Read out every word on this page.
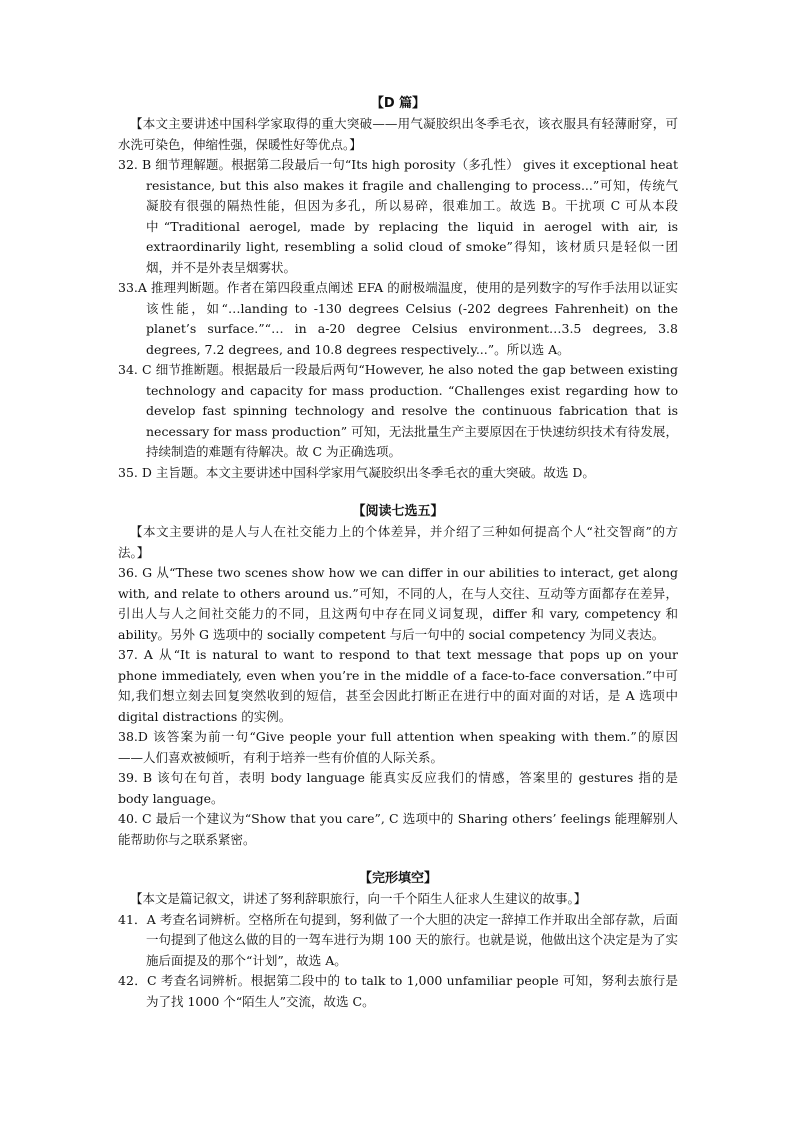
【D 篇】
【本文主要讲述中国科学家取得的重大突破——用气凝胶织出冬季毛衣，该衣服具有轻薄耐穿，可水洗可染色，伸缩性强，保暖性好等优点。】
32. B 细节理解题。根据第二段最后一句“Its high porosity（多孔性） gives it exceptional heat resistance, but this also makes it fragile and challenging to process...”可知，传统气凝胶有很强的隔热性能，但因为多孔，所以易碎，很难加工。故选 B。干扰项 C 可从本段中“Traditional aerogel, made by replacing the liquid in aerogel with air, is extraordinarily light, resembling a solid cloud of smoke”得知，该材质只是轻似一团烟，并不是外表呈烟雾状。
33.A 推理判断题。作者在第四段重点阐述 EFA 的耐极端温度，使用的是列数字的写作手法用以证实该性能，如“…landing to -130 degrees Celsius (-202 degrees Fahrenheit) on the planet’s surface.”“… in a-20 degree Celsius environment…3.5 degrees, 3.8 degrees, 7.2 degrees, and 10.8 degrees respectively...”。所以选 A。
34. C 细节推断题。根据最后一段最后两句“However, he also noted the gap between existing technology and capacity for mass production. “Challenges exist regarding how to develop fast spinning technology and resolve the continuous fabrication that is necessary for mass production” 可知，无法批量生产主要原因在于快速纺织技术有待发展，持续制造的难题有待解决。故 C 为正确选项。
35. D 主旨题。本文主要讲述中国科学家用气凝胶织出冬季毛衣的重大突破。故选 D。
【阅读七选五】
【本文主要讲的是人与人在社交能力上的个体差异，并介绍了三种如何提高个人“社交智商”的方法。】
36. G 从“These two scenes show how we can differ in our abilities to interact, get along with, and relate to others around us.”可知，不同的人，在与人交往、互动等方面都存在差异，引出人与人之间社交能力的不同，且这两句中存在同义词复现，differ 和 vary, competency 和 ability。另外 G 选项中的 socially competent 与后一句中的 social competency 为同义表达。
37. A 从“It is natural to want to respond to that text message that pops up on your phone immediately, even when you’re in the middle of a face-to-face conversation.”中可知,我们想立刻去回复突然收到的短信，甚至会因此打断正在进行中的面对面的对话，是 A 选项中 digital distractions 的实例。
38.D 该答案为前一句“Give people your full attention when speaking with them.”的原因——人们喜欢被倾听，有利于培养一些有价值的人际关系。
39. B 该句在句首，表明 body language 能真实反应我们的情感，答案里的 gestures 指的是 body language。
40. C 最后一个建议为“Show that you care”, C 选项中的 Sharing others’ feelings 能理解别人能帮助你与之联系紧密。
【完形填空】
【本文是篇记叙文，讲述了努利辞职旅行，向一千个陌生人征求人生建议的故事。】
41．A 考查名词辨析。空格所在句提到，努利做了一个大胆的决定一辞掉工作并取出全部存款，后面一句提到了他这么做的目的一驾车进行为期 100 天的旅行。也就是说，他做出这个决定是为了实施后面提及的那个“计划”，故选 A。
42．C 考查名词辨析。根据第二段中的 to talk to 1,000 unfamiliar people 可知，努利去旅行是为了找 1000 个“陌生人”交流，故选 C。
